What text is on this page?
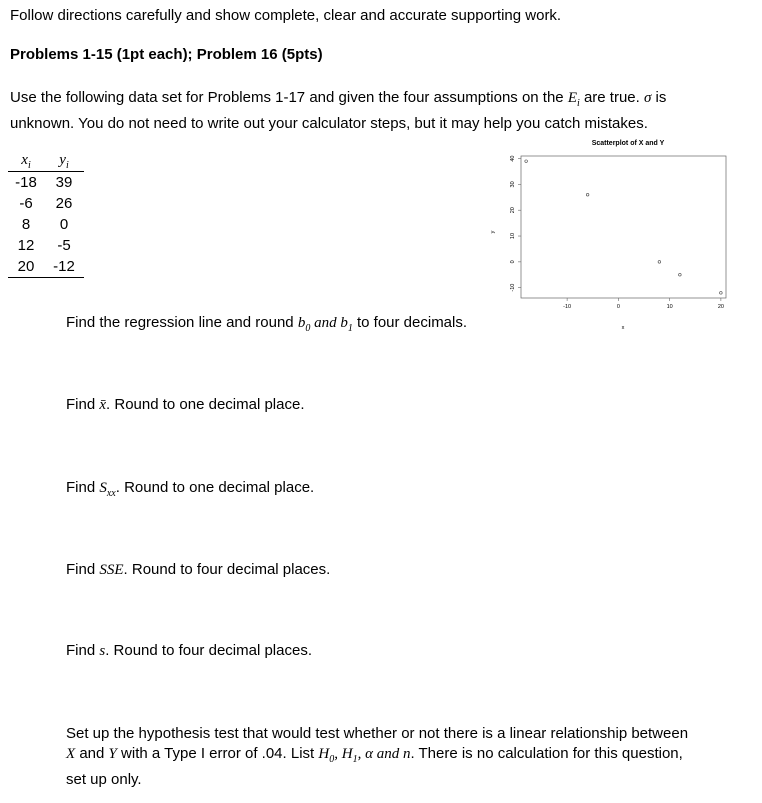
Follow directions carefully and show complete, clear and accurate supporting work.
Problems 1-15 (1pt each); Problem 16 (5pts)
Use the following data set for Problems 1-17 and given the four assumptions on the $E_i$ are true. σ is
unknown. You do not need to write out your calculator steps, but it may help you catch mistakes.
$x_i$	$y_i$
-18	39
-6	26
8	0
12	-5
20	-12
Scatterplot of X and Y
-10	0	10	20
-10
0
10
20
30
40
x
y
Find the regression line and round $b_0$ and $b_1$ to four decimals.
Find x̄. Round to one decimal place.
Find $S_{xx}$. Round to one decimal place.
Find SSE. Round to four decimal places.
Find s. Round to four decimal places.
Set up the hypothesis test that would test whether or not there is a linear relationship between
X and Y with a Type I error of .04. List $H_0$, $H_1$, α and n. There is no calculation for this question,
set up only.
